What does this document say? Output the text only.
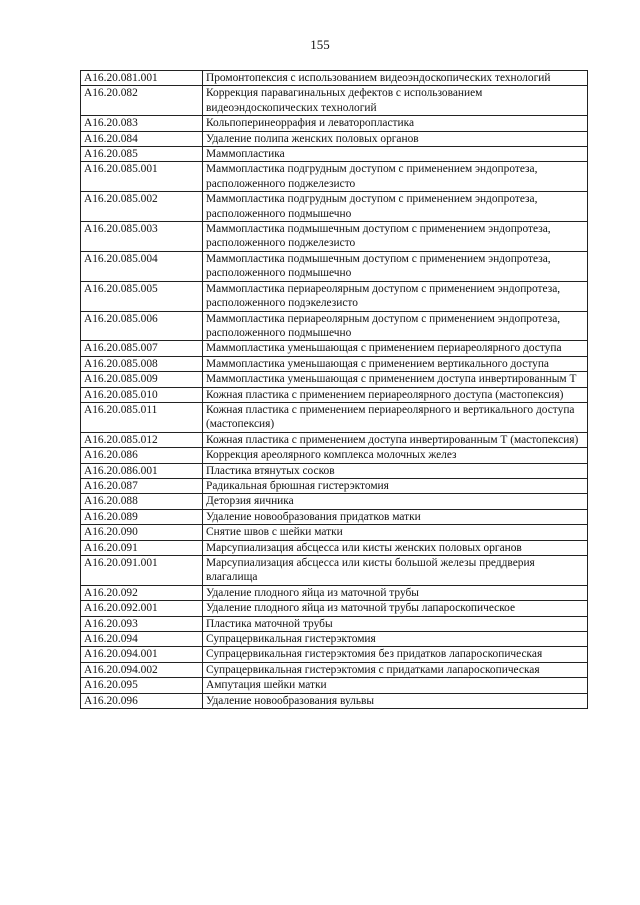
155
A16.20.081.001	Промонтопексия с использованием видеоэндоскопических технологий
A16.20.082	Коррекция паравагинальных дефектов с использованием видеоэндоскопических технологий
A16.20.083	Кольпоперинеоррафия и леваторопластика
A16.20.084	Удаление полипа женских половых органов
A16.20.085	Маммопластика
A16.20.085.001	Маммопластика подгрудным доступом с применением эндопротеза, расположенного поджелезисто
A16.20.085.002	Маммопластика подгрудным доступом с применением эндопротеза, расположенного подмышечно
A16.20.085.003	Маммопластика подмышечным доступом с применением эндопротеза, расположенного поджелезисто
A16.20.085.004	Маммопластика подмышечным доступом с применением эндопротеза, расположенного подмышечно
A16.20.085.005	Маммопластика периареолярным доступом с применением эндопротеза, расположенного подэкелезисто
A16.20.085.006	Маммопластика периареолярным доступом с применением эндопротеза, расположенного подмышечно
A16.20.085.007	Маммопластика уменьшающая с применением периареолярного доступа
A16.20.085.008	Маммопластика уменьшающая с применением вертикального доступа
A16.20.085.009	Маммопластика уменьшающая с применением доступа инвертированным Т
A16.20.085.010	Кожная пластика с применением периареолярного доступа (мастопексия)
A16.20.085.011	Кожная пластика с применением периареолярного и вертикального доступа (мастопексия)
A16.20.085.012	Кожная пластика с применением доступа инвертированным Т (мастопексия)
A16.20.086	Коррекция ареолярного комплекса молочных желез
A16.20.086.001	Пластика втянутых сосков
A16.20.087	Радикальная брюшная гистерэктомия
A16.20.088	Деторзия яичника
A16.20.089	Удаление новообразования придатков матки
A16.20.090	Снятие швов с шейки матки
A16.20.091	Марсупиализация абсцесса или кисты женских половых органов
A16.20.091.001	Марсупиализация абсцесса или кисты большой железы преддверия влагалища
A16.20.092	Удаление плодного яйца из маточной трубы
A16.20.092.001	Удаление плодного яйца из маточной трубы лапароскопическое
A16.20.093	Пластика маточной трубы
A16.20.094	Супрацервикальная гистерэктомия
A16.20.094.001	Супрацервикальная гистерэктомия без придатков лапароскопическая
A16.20.094.002	Супрацервикальная гистерэктомия с придатками лапароскопическая
A16.20.095	Ампутация шейки матки
A16.20.096	Удаление новообразования вульвы
